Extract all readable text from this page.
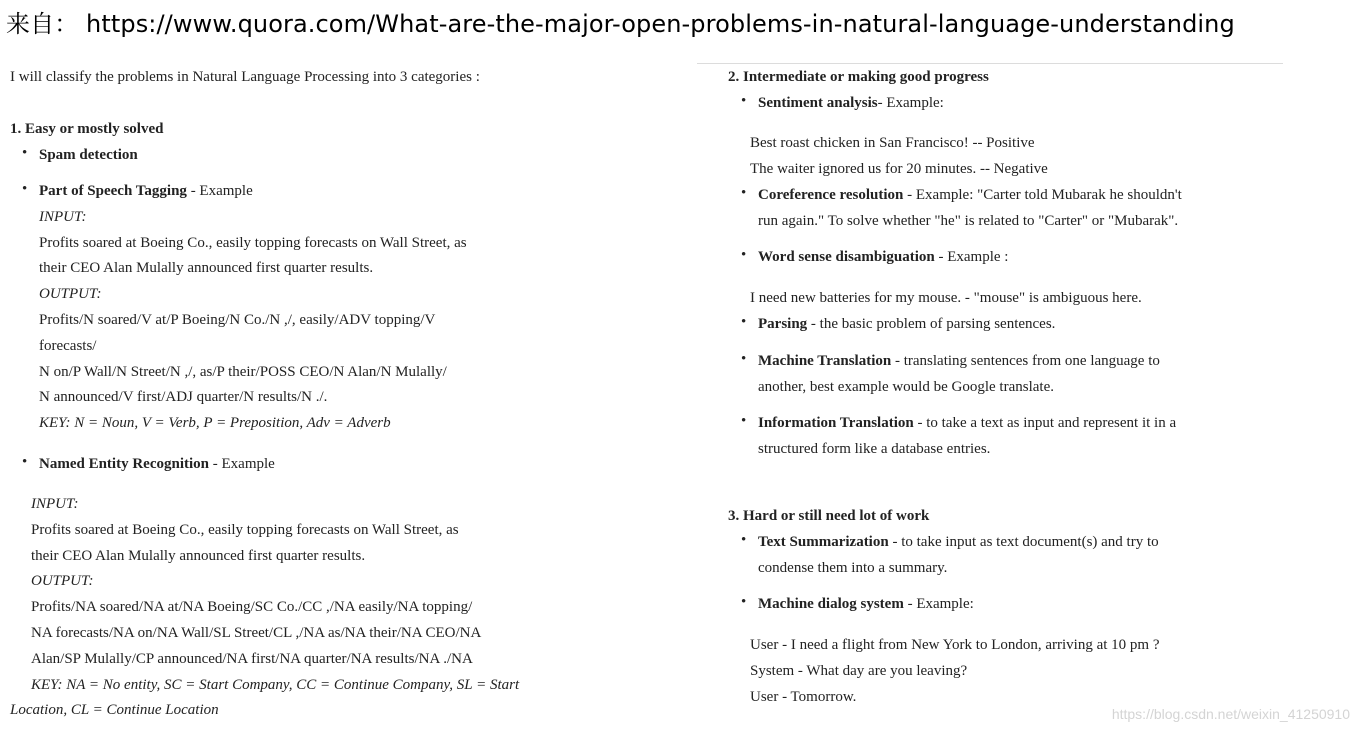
来自： https://www.quora.com/What-are-the-major-open-problems-in-natural-language-understanding
I will classify the problems in Natural Language Processing into 3 categories :
1. Easy or mostly solved
• Spam detection
• Part of Speech Tagging - Example
INPUT:
Profits soared at Boeing Co., easily topping forecasts on Wall Street, as
their CEO Alan Mulally announced first quarter results.
OUTPUT:
Profits/N soared/V at/P Boeing/N Co./N ,/, easily/ADV topping/V
forecasts/
N on/P Wall/N Street/N ,/, as/P their/POSS CEO/N Alan/N Mulally/
N announced/V first/ADJ quarter/N results/N ./.
KEY: N = Noun, V = Verb, P = Preposition, Adv = Adverb
• Named Entity Recognition - Example
INPUT:
Profits soared at Boeing Co., easily topping forecasts on Wall Street, as
their CEO Alan Mulally announced first quarter results.
OUTPUT:
Profits/NA soared/NA at/NA Boeing/SC Co./CC ,/NA easily/NA topping/
NA forecasts/NA on/NA Wall/SL Street/CL ,/NA as/NA their/NA CEO/NA
Alan/SP Mulally/CP announced/NA first/NA quarter/NA results/NA ./NA
KEY: NA = No entity, SC = Start Company, CC = Continue Company, SL = Start
Location, CL = Continue Location
2. Intermediate or making good progress
• Sentiment analysis- Example:
Best roast chicken in San Francisco! -- Positive
The waiter ignored us for 20 minutes. -- Negative
• Coreference resolution - Example: "Carter told Mubarak he shouldn't
run again." To solve whether "he" is related to "Carter" or "Mubarak".
• Word sense disambiguation - Example :
I need new batteries for my mouse. - "mouse" is ambiguous here.
• Parsing - the basic problem of parsing sentences.
• Machine Translation - translating sentences from one language to
another, best example would be Google translate.
• Information Translation - to take a text as input and represent it in a
structured form like a database entries.
3. Hard or still need lot of work
• Text Summarization - to take input as text document(s) and try to
condense them into a summary.
• Machine dialog system - Example:
User - I need a flight from New York to London, arriving at 10 pm ?
System - What day are you leaving?
User - Tomorrow.
https://blog.csdn.net/weixin_41250910
